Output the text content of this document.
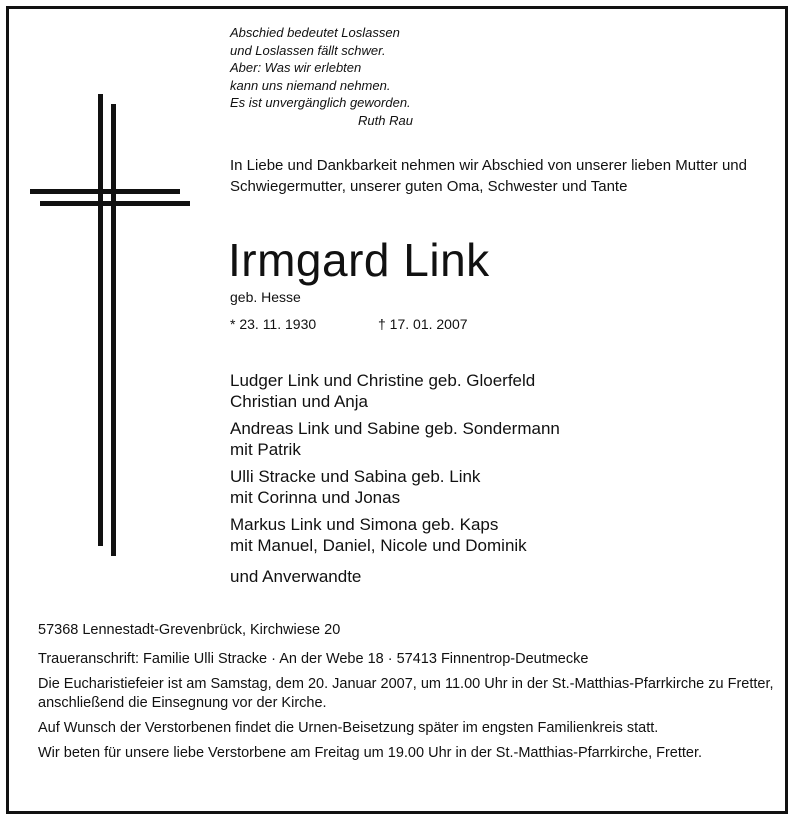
Abschied bedeutet Loslassen
und Loslassen fällt schwer.
Aber: Was wir erlebten
kann uns niemand nehmen.
Es ist unvergänglich geworden.
Ruth Rau
In Liebe und Dankbarkeit nehmen wir Abschied von unserer lieben Mutter und Schwiegermutter, unserer guten Oma, Schwester und Tante
Irmgard Link
geb. Hesse
* 23. 11. 1930	† 17. 01. 2007
Ludger Link und Christine geb. Gloerfeld
Christian und Anja
Andreas Link und Sabine geb. Sondermann
mit Patrik
Ulli Stracke und Sabina geb. Link
mit Corinna und Jonas
Markus Link und Simona geb. Kaps
mit Manuel, Daniel, Nicole und Dominik
und Anverwandte

57368 Lennestadt-Grevenbrück, Kirchwiese 20

Traueranschrift: Familie Ulli Stracke · An der Webe 18 · 57413 Finnentrop-Deutmecke

Die Eucharistiefeier ist am Samstag, dem 20. Januar 2007, um 11.00 Uhr in der St.-Matthias-Pfarrkirche zu Fretter, anschließend die Einsegnung vor der Kirche.

Auf Wunsch der Verstorbenen findet die Urnen-Beisetzung später im engsten Familienkreis statt.

Wir beten für unsere liebe Verstorbene am Freitag um 19.00 Uhr in der St.-Matthias-Pfarrkirche, Fretter.
